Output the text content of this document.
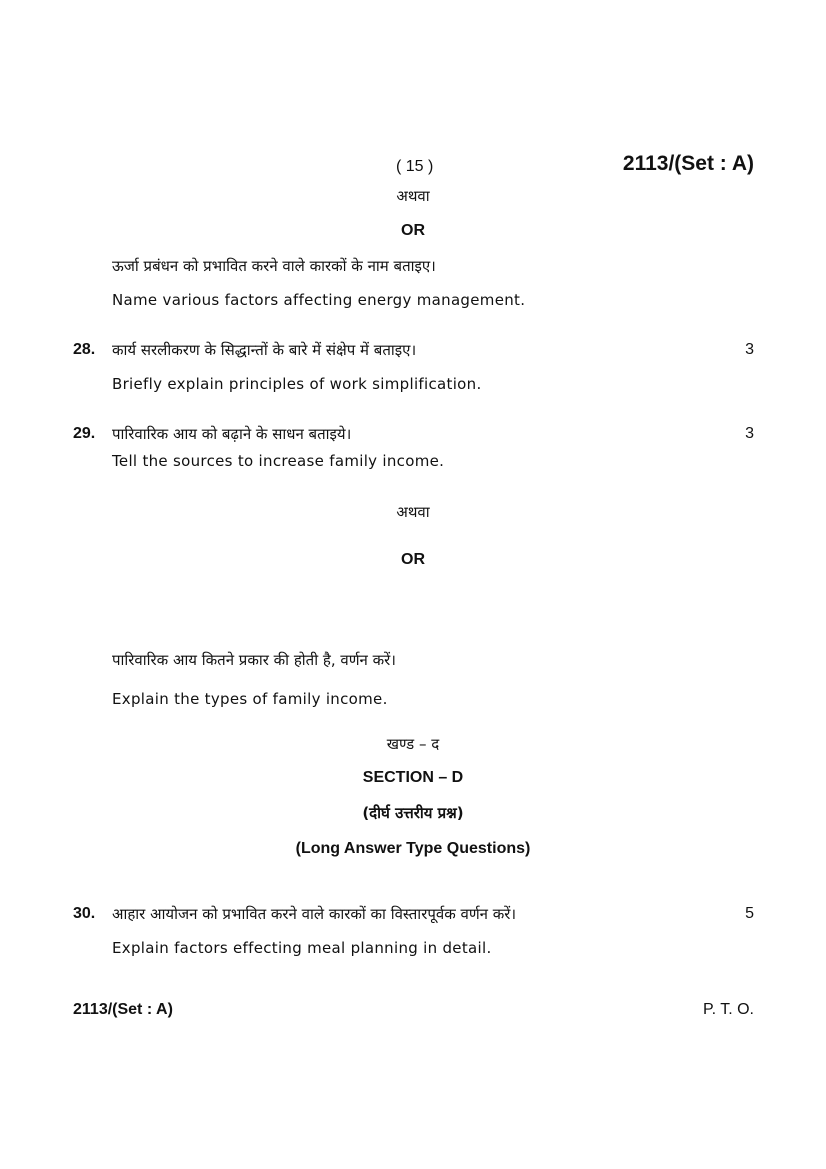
( 15 )	2113/(Set : A)
अथवा
OR
ऊर्जा प्रबंधन को प्रभावित करने वाले कारकों के नाम बताइए।
Name various factors affecting energy management.
28. कार्य सरलीकरण के सिद्धान्तों के बारे में संक्षेप में बताइए।	3
Briefly explain principles of work simplification.
29. पारिवारिक आय को बढ़ाने के साधन बताइये।	3
Tell the sources to increase family income.
अथवा
OR
पारिवारिक आय कितने प्रकार की होती है, वर्णन करें।
Explain the types of family income.
खण्ड – द
SECTION – D
(दीर्घ उत्तरीय प्रश्न)
(Long Answer Type Questions)
30. आहार आयोजन को प्रभावित करने वाले कारकों का विस्तारपूर्वक वर्णन करें।	5
Explain factors effecting meal planning in detail.
2113/(Set : A)	P. T. O.
